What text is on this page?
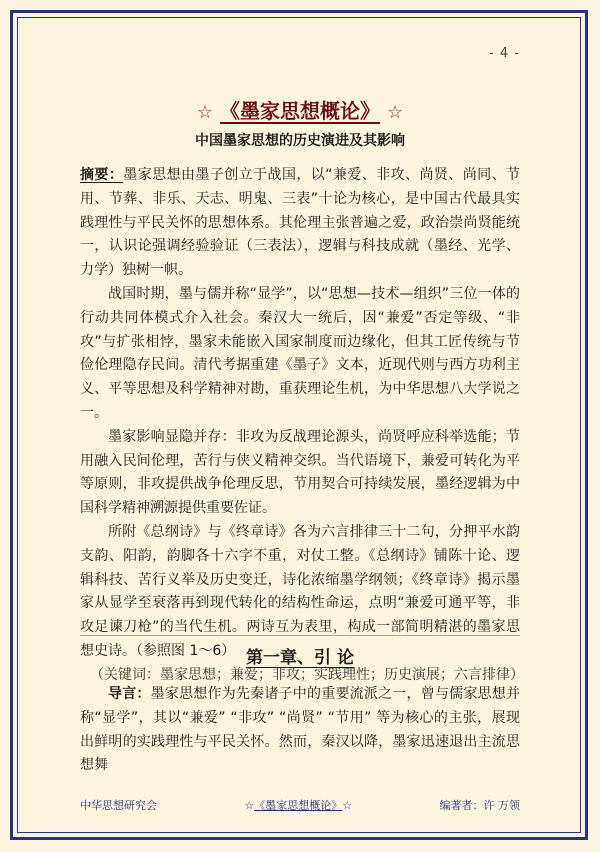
- 4 -
☆ 《墨家思想概论》 ☆
中国墨家思想的历史演进及其影响

摘要：墨家思想由墨子创立于战国，以“兼爱、非攻、尚贤、尚同、节用、节葬、非乐、天志、明鬼、三表”十论为核心，是中国古代最具实践理性与平民关怀的思想体系。其伦理主张普遍之爱，政治崇尚贤能统一，认识论强调经验验证（三表法），逻辑与科技成就（墨经、光学、力学）独树一帜。

战国时期，墨与儒并称“显学”，以“思想—技术—组织”三位一体的行动共同体模式介入社会。秦汉大一统后，因“兼爱”否定等级、“非攻”与扩张相悖，墨家未能嵌入国家制度而边缘化，但其工匠传统与节俭伦理隐存民间。清代考据重建《墨子》文本，近现代则与西方功利主义、平等思想及科学精神对勘，重获理论生机，为中华思想八大学说之一。

墨家影响显隐并存：非攻为反战理论源头，尚贤呼应科举选能；节用融入民间伦理，苦行与侠义精神交织。当代语境下，兼爱可转化为平等原则，非攻提供战争伦理反思，节用契合可持续发展，墨经逻辑为中国科学精神溯源提供重要佐证。

所附《总纲诗》与《终章诗》各为六言排律三十二句，分押平水韵支韵、阳韵，韵脚各十六字不重，对仗工整。《总纲诗》铺陈十论、逻辑科技、苦行义举及历史变迁，诗化浓缩墨学纲领；《终章诗》揭示墨家从显学至衰落再到现代转化的结构性命运，点明“兼爱可通平等，非攻足谏刀枪”的当代生机。两诗互为表里，构成一部简明精湛的墨家思想史诗。（参照图 1～6）

（关键词：墨家思想；兼爱；非攻；实践理性；历史演展；六言排律）

第一章、引 论

导言：墨家思想作为先秦诸子中的重要流派之一，曾与儒家思想并称“显学”，其以“兼爱” “非攻” “尚贤” “节用” 等为核心的主张，展现出鲜明的实践理性与平民关怀。然而，秦汉以降，墨家迅速退出主流思想舞

中华思想研究会	☆《墨家思想概论》☆	编著者：许 万领
